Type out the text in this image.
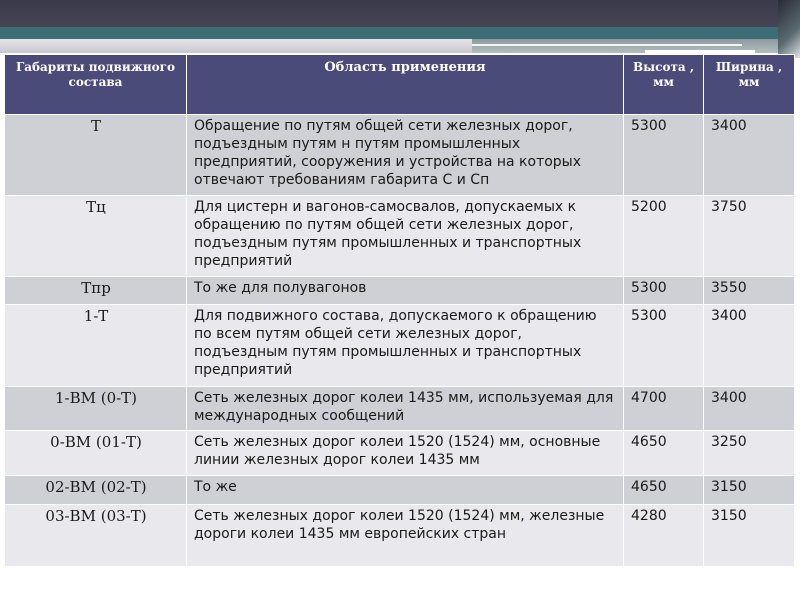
Габариты подвижного состава	Область применения	Высота , мм	Ширина , мм
Т	Обращение по путям общей сети железных дорог, подъездным путям н путям промышленных предприятий, сооружения и устройства на которых отвечают требованиям габарита С и Сп	5300	3400
Тц	Для цистерн и вагонов-самосвалов, допускаемых к обращению по путям общей сети железных дорог, подъездным путям промышленных и транспортных предприятий	5200	3750
Тпр	То же для полувагонов	5300	3550
1-Т	Для подвижного состава, допускаемого к обращению по всем путям общей сети железных дорог, подъездным путям промышленных и транспортных предприятий	5300	3400
1-ВМ (0-Т)	Сеть железных дорог колеи 1435 мм, используемая для международных сообщений	4700	3400
0-ВМ (01-Т)	Сеть железных дорог колеи 1520 (1524) мм, основные линии железных дорог колеи 1435 мм	4650	3250
02-ВМ (02-Т)	То же	4650	3150
03-ВМ (03-Т)	Сеть железных дорог колеи 1520 (1524) мм, железные дороги колеи 1435 мм европейских стран	4280	3150
